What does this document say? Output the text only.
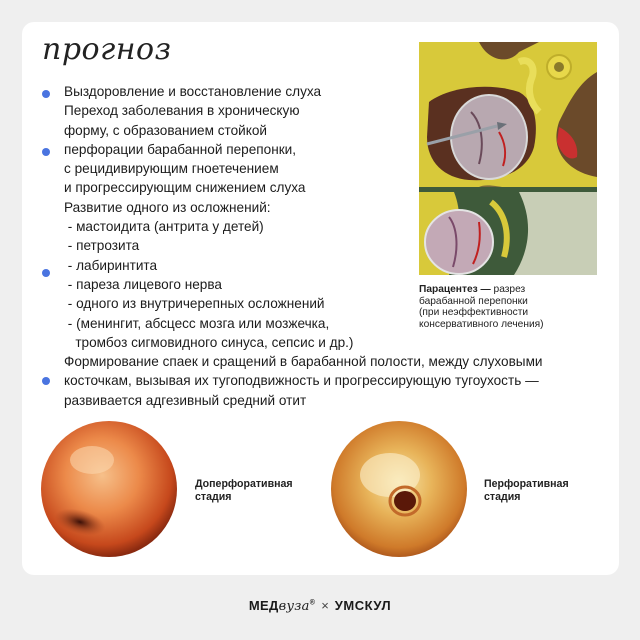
прогноз
Выздоровление и восстановление слуха
Переход заболевания в хроническую
форму, с образованием стойкой
перфорации барабанной перепонки,
с рецидивирующим гноетечением
и прогрессирующим снижением слуха
Развитие одного из осложнений:
- мастоидита (антрита у детей)
- петрозита
- лабиринтита
- пареза лицевого нерва
- одного из внутричерепных осложнений
- (менингит, абсцесс мозга или мозжечка,
тромбоз сигмовидного синуса, сепсис и др.)
Формирование спаек и сращений в барабанной полости, между слуховыми
косточкам, вызывая их тугоподвижность и прогрессирующую тугоухость —
развивается адгезивный средний отит
Парацентез — разрез
барабанной перепонки
(при неэффективности
консервативного лечения)
Доперфоративная
стадия
Перфоративная
стадия
МЕДвуза® × УМСКУЛ
